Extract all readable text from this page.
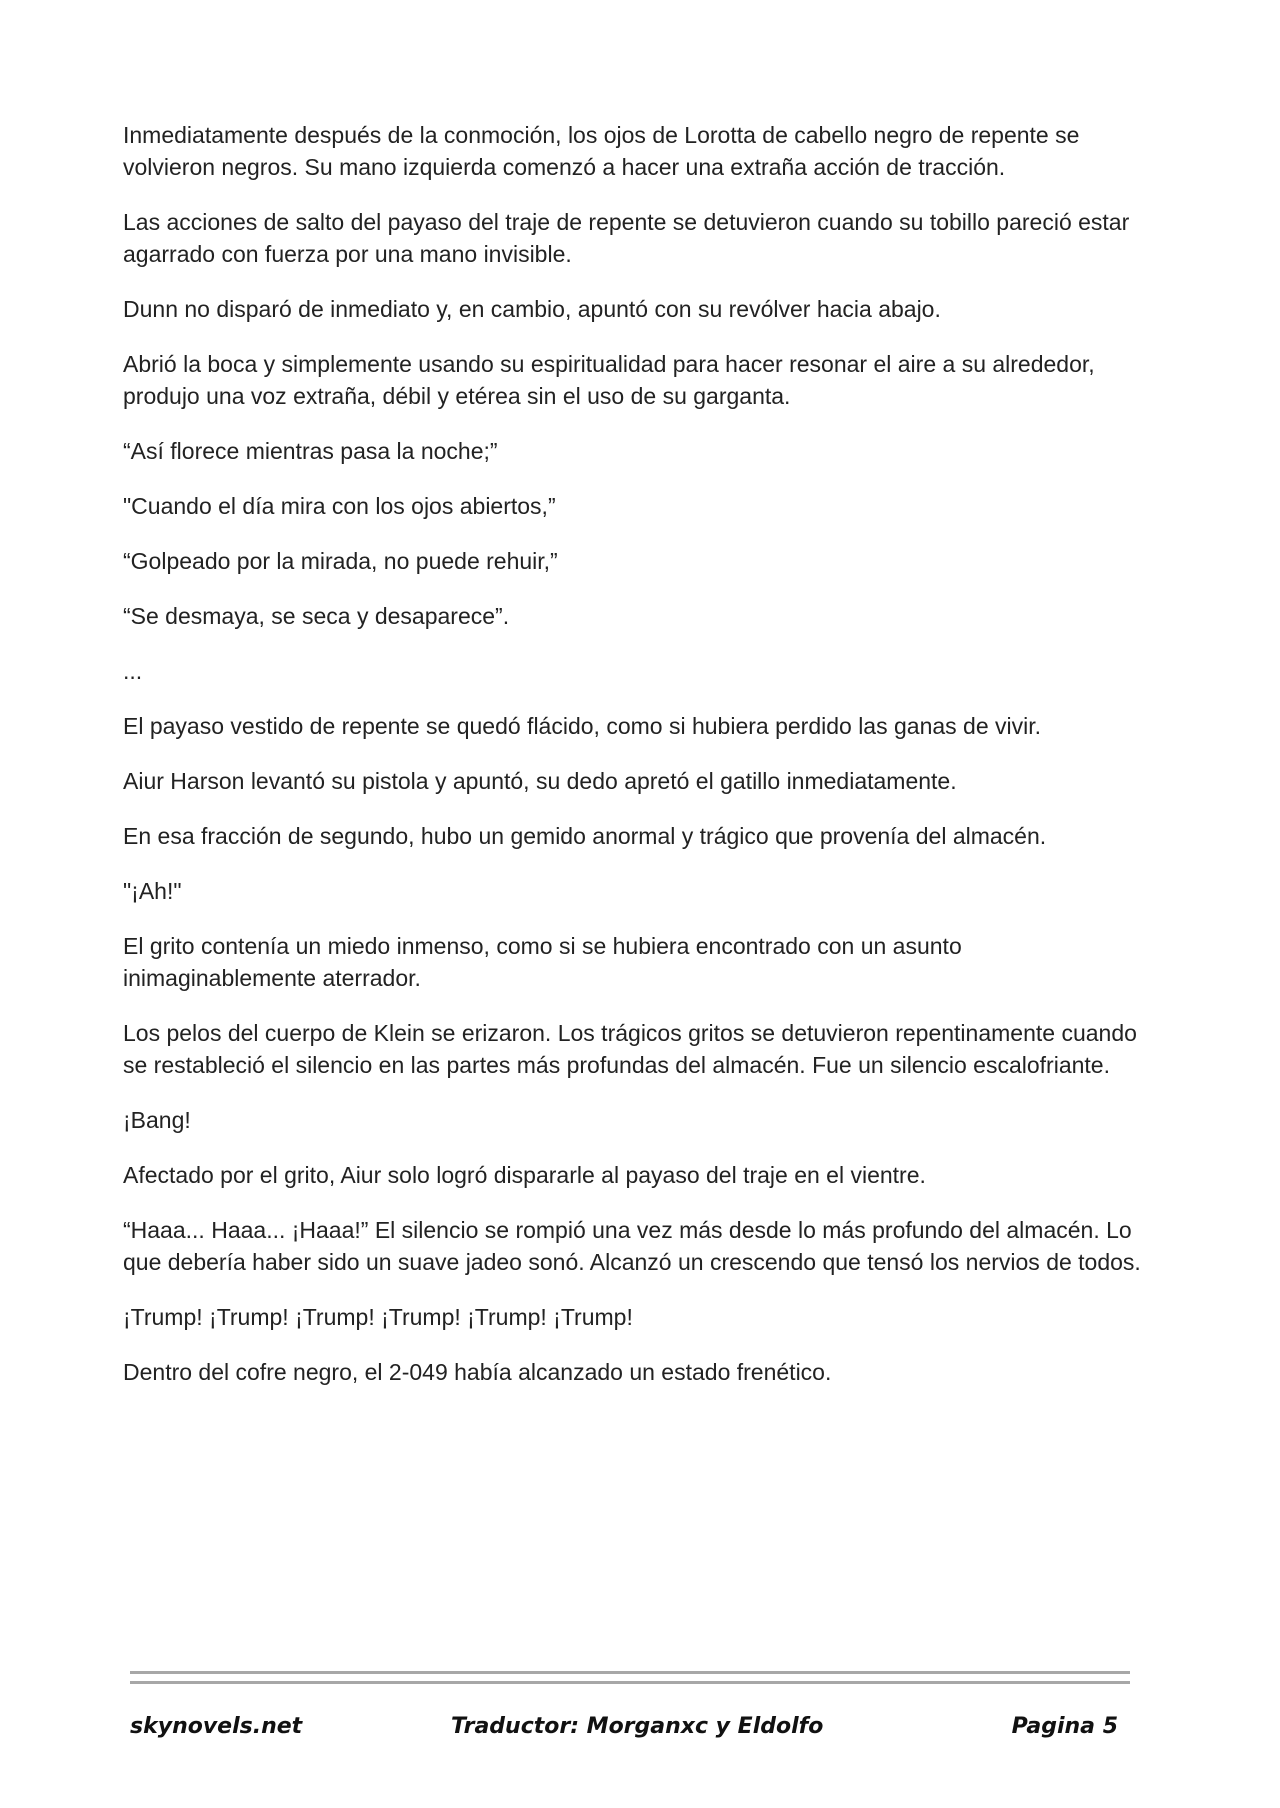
Inmediatamente después de la conmoción, los ojos de Lorotta de cabello negro de repente se volvieron negros. Su mano izquierda comenzó a hacer una extraña acción de tracción.

Las acciones de salto del payaso del traje de repente se detuvieron cuando su tobillo pareció estar agarrado con fuerza por una mano invisible.

Dunn no disparó de inmediato y, en cambio, apuntó con su revólver hacia abajo.

Abrió la boca y simplemente usando su espiritualidad para hacer resonar el aire a su alrededor, produjo una voz extraña, débil y etérea sin el uso de su garganta.

“Así florece mientras pasa la noche;”

"Cuando el día mira con los ojos abiertos,”

“Golpeado por la mirada, no puede rehuir,”

“Se desmaya, se seca y desaparece”.

...

El payaso vestido de repente se quedó flácido, como si hubiera perdido las ganas de vivir.

Aiur Harson levantó su pistola y apuntó, su dedo apretó el gatillo inmediatamente.

En esa fracción de segundo, hubo un gemido anormal y trágico que provenía del almacén.

"¡Ah!"

El grito contenía un miedo inmenso, como si se hubiera encontrado con un asunto inimaginablemente aterrador.

Los pelos del cuerpo de Klein se erizaron. Los trágicos gritos se detuvieron repentinamente cuando se restableció el silencio en las partes más profundas del almacén. Fue un silencio escalofriante.

¡Bang!

Afectado por el grito, Aiur solo logró dispararle al payaso del traje en el vientre.

“Haaa... Haaa... ¡Haaa!” El silencio se rompió una vez más desde lo más profundo del almacén. Lo que debería haber sido un suave jadeo sonó. Alcanzó un crescendo que tensó los nervios de todos.

¡Trump! ¡Trump! ¡Trump! ¡Trump! ¡Trump! ¡Trump!

Dentro del cofre negro, el 2-049 había alcanzado un estado frenético.

skynovels.net	Traductor: Morganxc y Eldolfo	Pagina 5
